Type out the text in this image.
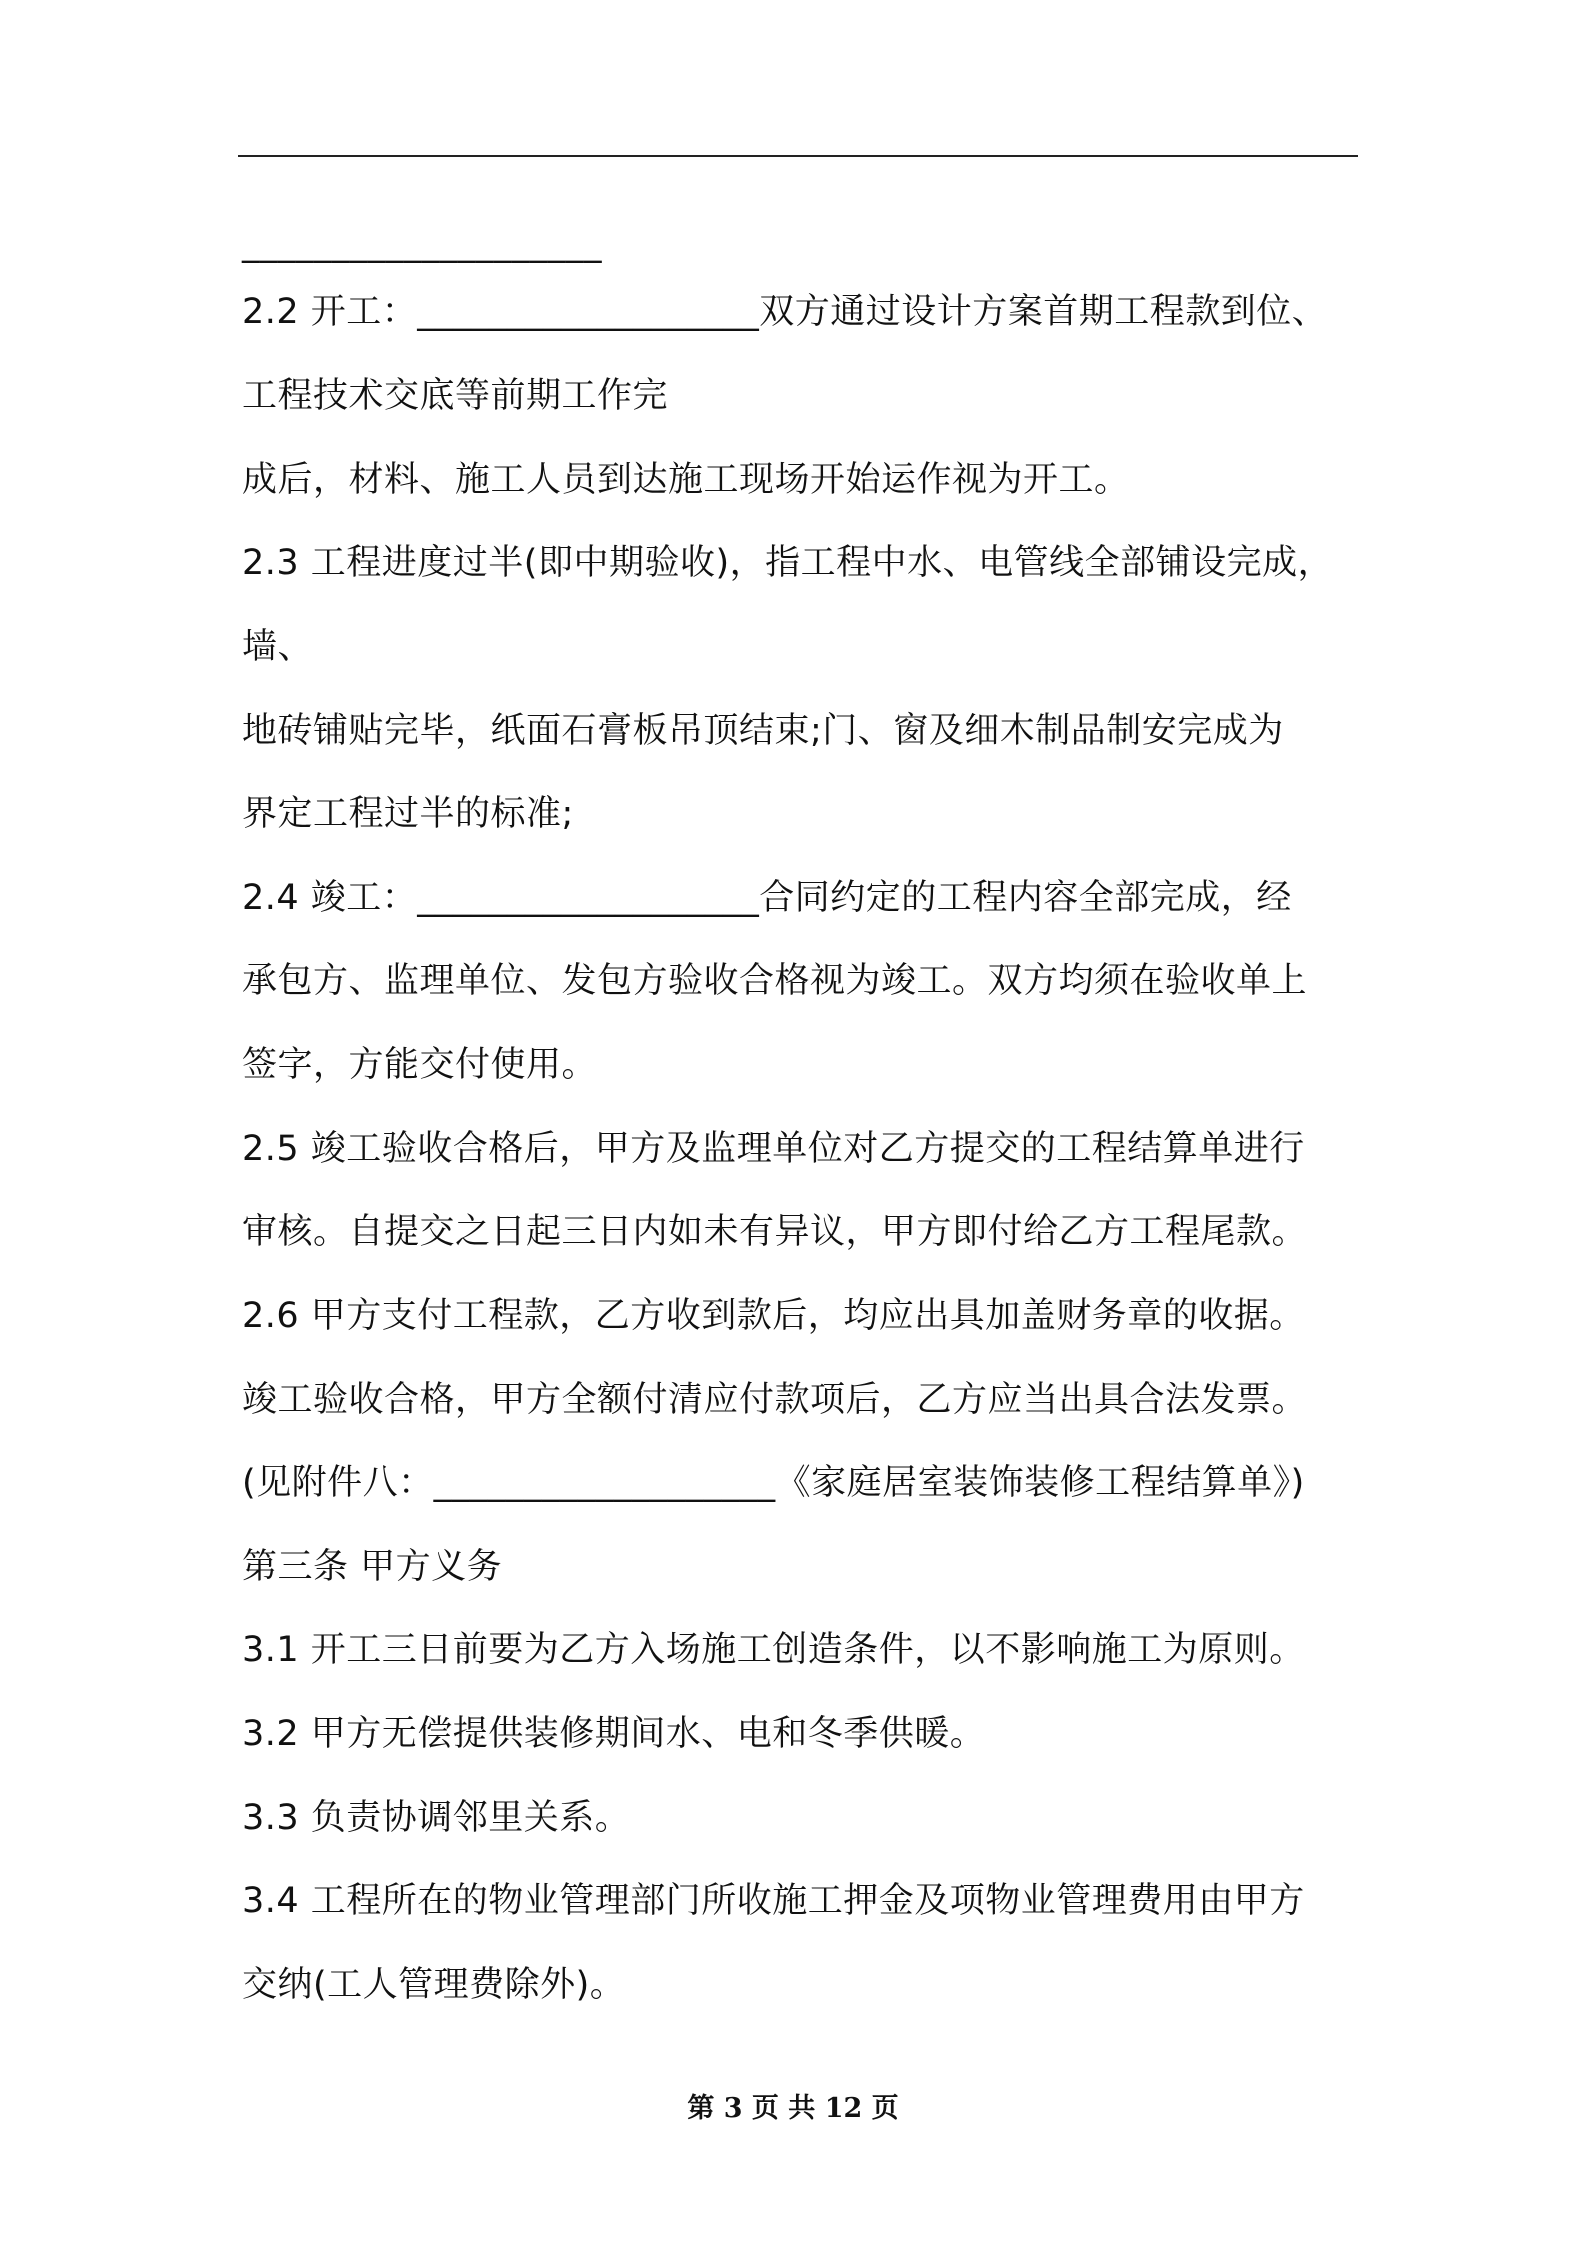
____________________
2.2 开工：___________________双方通过设计方案首期工程款到位、
工程技术交底等前期工作完
成后，材料、施工人员到达施工现场开始运作视为开工。
2.3 工程进度过半(即中期验收)，指工程中水、电管线全部铺设完成，
墙、
地砖铺贴完毕，纸面石膏板吊顶结束;门、窗及细木制品制安完成为
界定工程过半的标准;
2.4 竣工：___________________合同约定的工程内容全部完成，经
承包方、监理单位、发包方验收合格视为竣工。双方均须在验收单上
签字，方能交付使用。
2.5 竣工验收合格后，甲方及监理单位对乙方提交的工程结算单进行
审核。自提交之日起三日内如未有异议，甲方即付给乙方工程尾款。
2.6 甲方支付工程款，乙方收到款后，均应出具加盖财务章的收据。
竣工验收合格，甲方全额付清应付款项后，乙方应当出具合法发票。
(见附件八：___________________《家庭居室装饰装修工程结算单》)
第三条 甲方义务
3.1 开工三日前要为乙方入场施工创造条件，以不影响施工为原则。
3.2 甲方无偿提供装修期间水、电和冬季供暖。
3.3 负责协调邻里关系。
3.4 工程所在的物业管理部门所收施工押金及项物业管理费用由甲方
交纳(工人管理费除外)。
第 3 页 共 12 页
